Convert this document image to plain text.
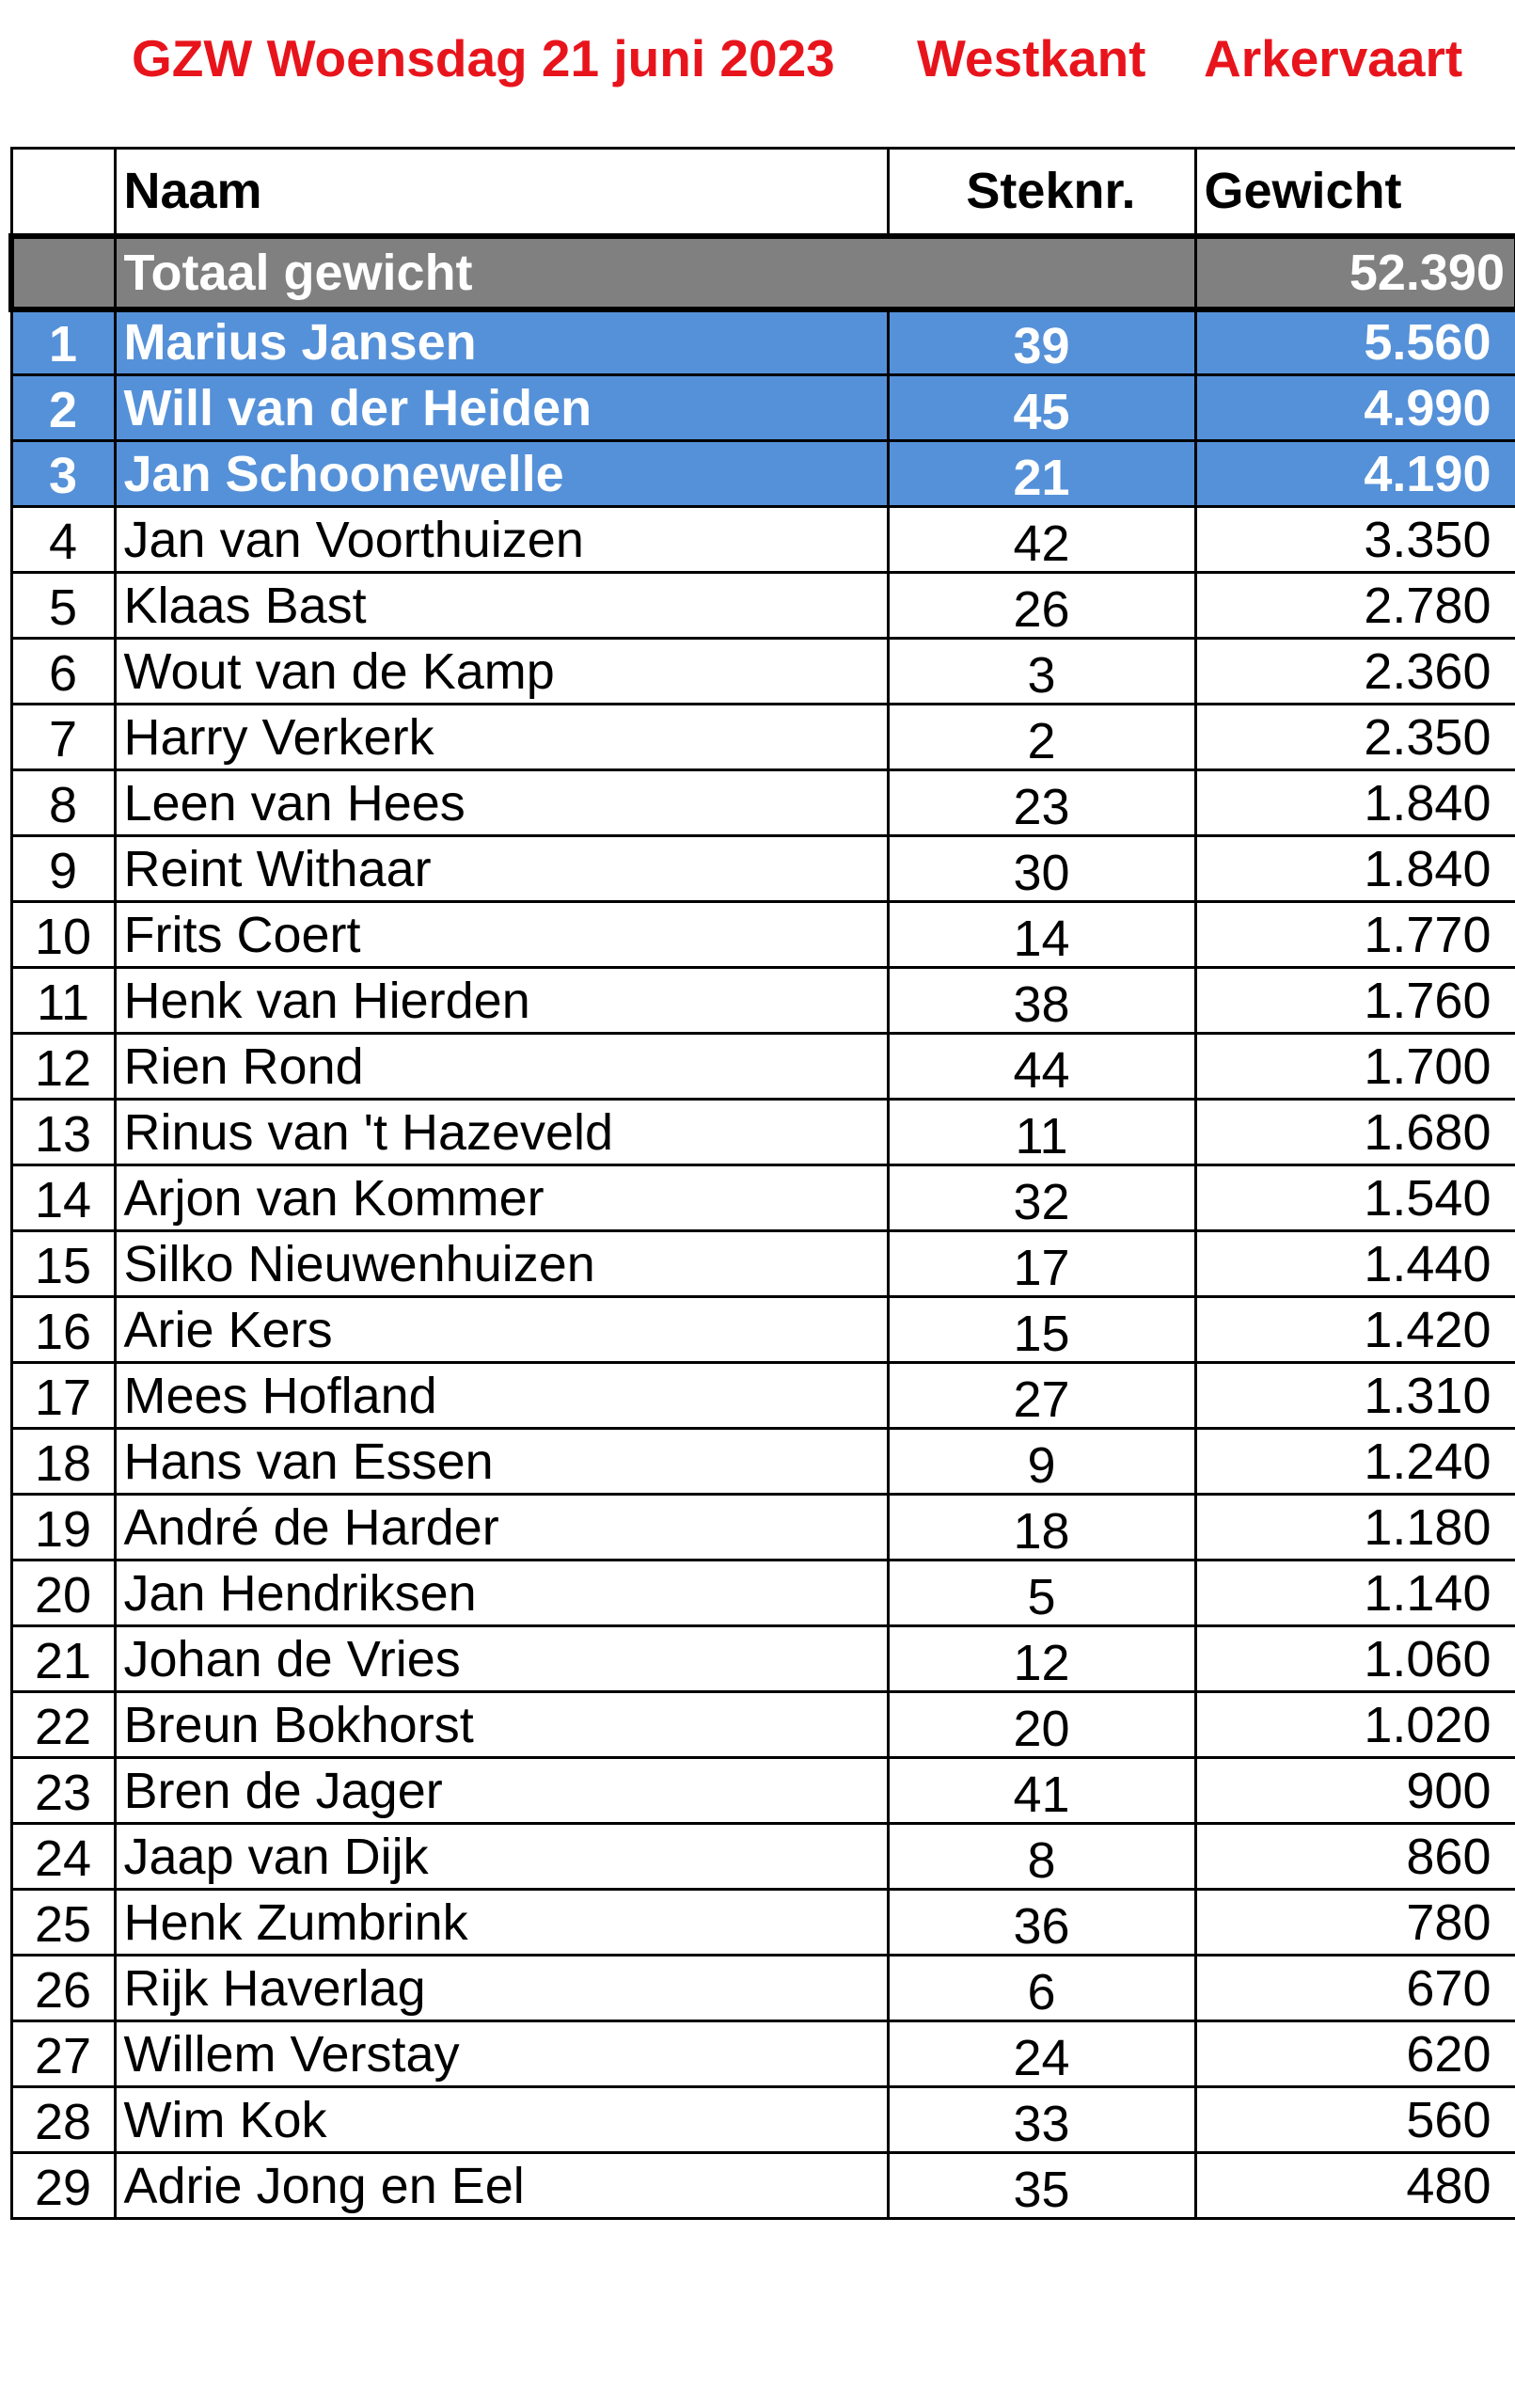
GZW Woensdag 21 juni 2023

Westkant

Arkervaart

	Naam	Steknr.	Gewicht
	Totaal gewicht		52.390
1	Marius Jansen	39	5.560
2	Will van der Heiden	45	4.990
3	Jan Schoonewelle	21	4.190
4	Jan van Voorthuizen	42	3.350
5	Klaas Bast	26	2.780
6	Wout van de Kamp	3	2.360
7	Harry Verkerk	2	2.350
8	Leen van Hees	23	1.840
9	Reint Withaar	30	1.840
10	Frits Coert	14	1.770
11	Henk van Hierden	38	1.760
12	Rien Rond	44	1.700
13	Rinus van 't Hazeveld	11	1.680
14	Arjon van Kommer	32	1.540
15	Silko Nieuwenhuizen	17	1.440
16	Arie Kers	15	1.420
17	Mees Hofland	27	1.310
18	Hans van Essen	9	1.240
19	André de Harder	18	1.180
20	Jan Hendriksen	5	1.140
21	Johan de Vries	12	1.060
22	Breun Bokhorst	20	1.020
23	Bren de Jager	41	900
24	Jaap van Dijk	8	860
25	Henk Zumbrink	36	780
26	Rijk Haverlag	6	670
27	Willem Verstay	24	620
28	Wim Kok	33	560
29	Adrie Jong en Eel	35	480
